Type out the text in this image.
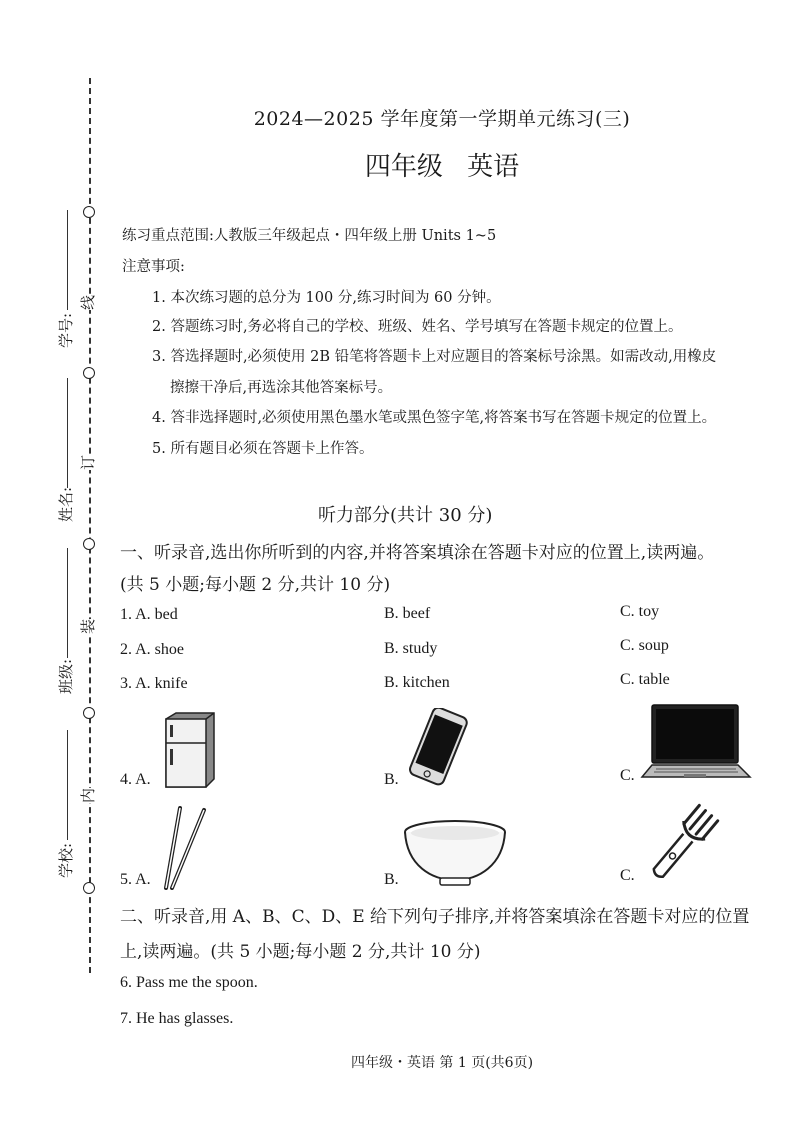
线
订
装
内
学号:
姓名:
班级:
学校:
2024—2025 学年度第一学期单元练习(三)
四年级 英语
练习重点范围:人教版三年级起点・四年级上册 Units 1~5
注意事项:
1. 本次练习题的总分为 100 分,练习时间为 60 分钟。
2. 答题练习时,务必将自己的学校、班级、姓名、学号填写在答题卡规定的位置上。
3. 答选择题时,必须使用 2B 铅笔将答题卡上对应题目的答案标号涂黑。如需改动,用橡皮
擦擦干净后,再选涂其他答案标号。
4. 答非选择题时,必须使用黑色墨水笔或黑色签字笔,将答案书写在答题卡规定的位置上。
5. 所有题目必须在答题卡上作答。
听力部分(共计 30 分)
一、听录音,选出你所听到的内容,并将答案填涂在答题卡对应的位置上,读两遍。
(共 5 小题;每小题 2 分,共计 10 分)
1. A. bed	B. beef	C. toy
2. A. shoe	B. study	C. soup
3. A. knife	B. kitchen	C. table
4. A.	B.	C.
5. A.	B.	C.
二、听录音,用 A、B、C、D、E 给下列句子排序,并将答案填涂在答题卡对应的位置
上,读两遍。(共 5 小题;每小题 2 分,共计 10 分)
6. Pass me the spoon.
7. He has glasses.
四年级・英语 第 1 页(共6页)
